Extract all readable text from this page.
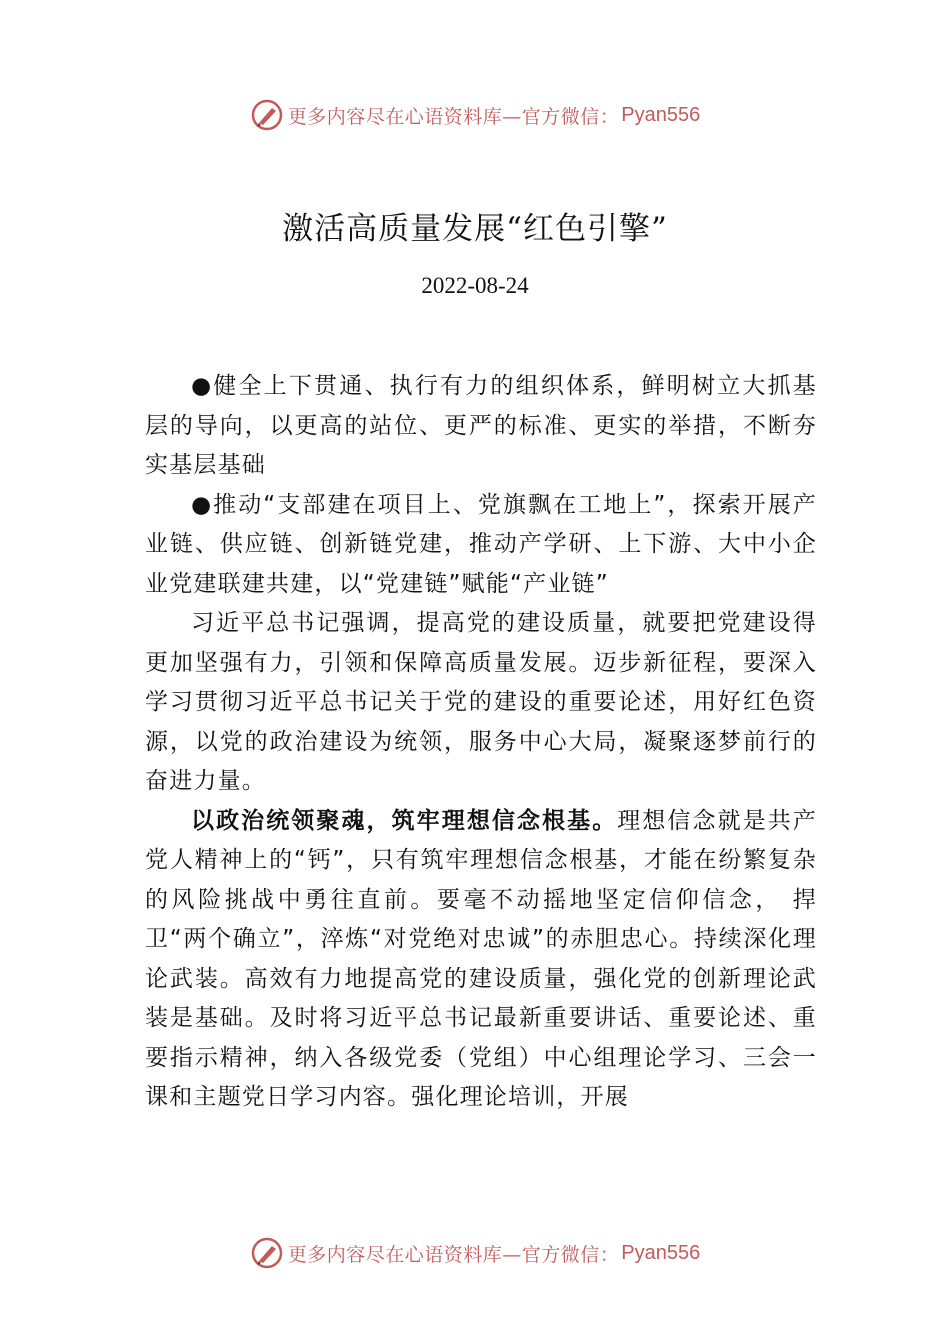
更多内容尽在心语资料库—官方微信： Pyan556
激活高质量发展“红色引擎”
2022-08-24

●健全上下贯通、执行有力的组织体系，鲜明树立大抓基层的导向，以更高的站位、更严的标准、更实的举措，不断夯实基层基础

●推动“支部建在项目上、党旗飘在工地上”，探索开展产业链、供应链、创新链党建，推动产学研、上下游、大中小企业党建联建共建，以“党建链”赋能“产业链”

习近平总书记强调，提高党的建设质量，就要把党建设得更加坚强有力，引领和保障高质量发展。迈步新征程，要深入学习贯彻习近平总书记关于党的建设的重要论述，用好红色资源，以党的政治建设为统领，服务中心大局，凝聚逐梦前行的奋进力量。

以政治统领聚魂，筑牢理想信念根基。理想信念就是共产党人精神上的“钙”，只有筑牢理想信念根基，才能在纷繁复杂的风险挑战中勇往直前。要毫不动摇地坚定信仰信念， 捍卫“两个确立”，淬炼“对党绝对忠诚”的赤胆忠心。持续深化理论武装。高效有力地提高党的建设质量，强化党的创新理论武装是基础。及时将习近平总书记最新重要讲话、重要论述、重要指示精神，纳入各级党委（党组）中心组理论学习、三会一课和主题党日学习内容。强化理论培训，开展

更多内容尽在心语资料库—官方微信： Pyan556
